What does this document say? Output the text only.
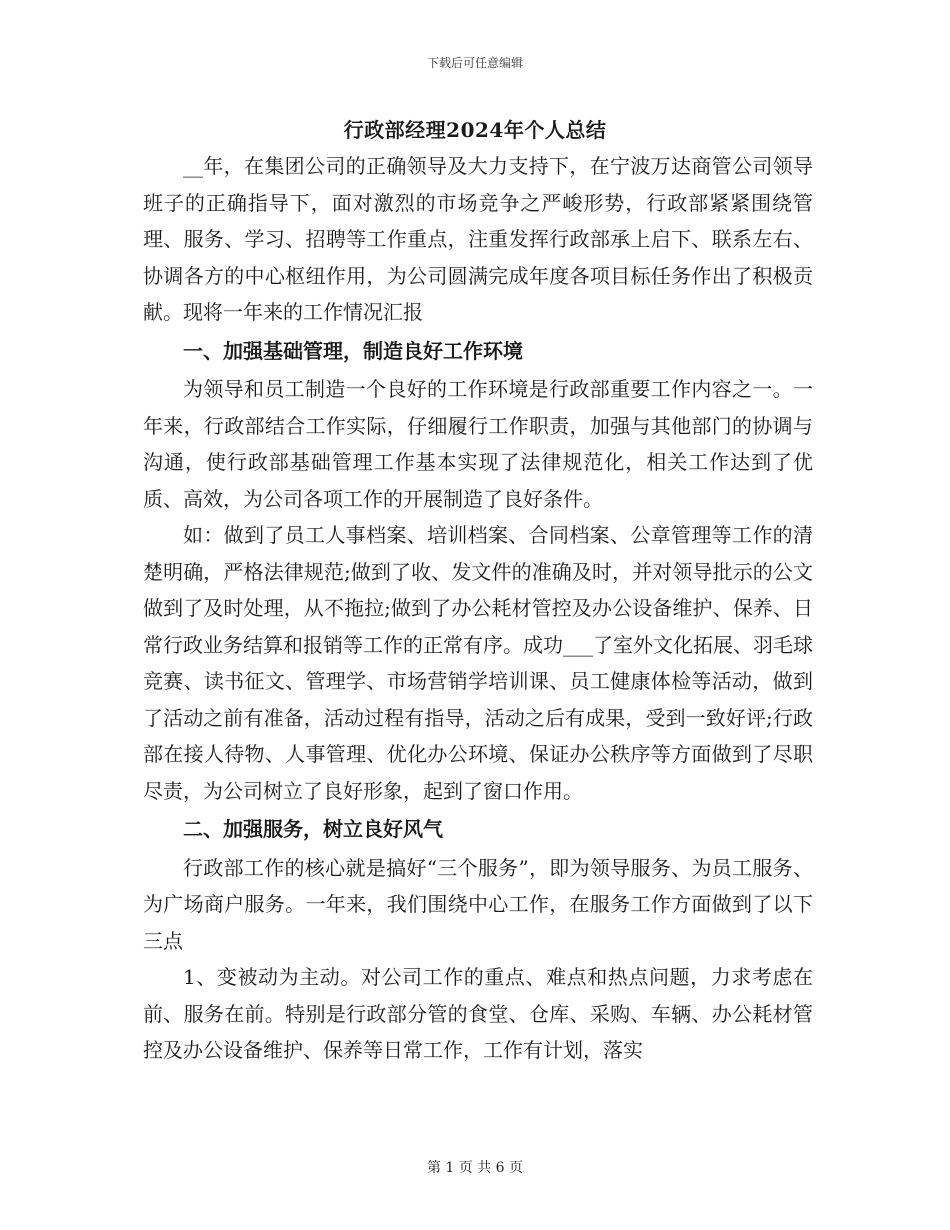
下载后可任意编辑
行政部经理2024年个人总结

__年，在集团公司的正确领导及大力支持下，在宁波万达商管公司领导班子的正确指导下，面对激烈的市场竞争之严峻形势，行政部紧紧围绕管理、服务、学习、招聘等工作重点，注重发挥行政部承上启下、联系左右、协调各方的中心枢纽作用，为公司圆满完成年度各项目标任务作出了积极贡献。现将一年来的工作情况汇报

一、加强基础管理，制造良好工作环境

为领导和员工制造一个良好的工作环境是行政部重要工作内容之一。一年来，行政部结合工作实际，仔细履行工作职责，加强与其他部门的协调与沟通，使行政部基础管理工作基本实现了法律规范化，相关工作达到了优质、高效，为公司各项工作的开展制造了良好条件。

如：做到了员工人事档案、培训档案、合同档案、公章管理等工作的清楚明确，严格法律规范;做到了收、发文件的准确及时，并对领导批示的公文做到了及时处理，从不拖拉;做到了办公耗材管控及办公设备维护、保养、日常行政业务结算和报销等工作的正常有序。成功___了室外文化拓展、羽毛球竞赛、读书征文、管理学、市场营销学培训课、员工健康体检等活动，做到了活动之前有准备，活动过程有指导，活动之后有成果，受到一致好评;行政部在接人待物、人事管理、优化办公环境、保证办公秩序等方面做到了尽职尽责，为公司树立了良好形象，起到了窗口作用。

二、加强服务，树立良好风气

行政部工作的核心就是搞好“三个服务”，即为领导服务、为员工服务、为广场商户服务。一年来，我们围绕中心工作，在服务工作方面做到了以下三点

1、变被动为主动。对公司工作的重点、难点和热点问题，力求考虑在前、服务在前。特别是行政部分管的食堂、仓库、采购、车辆、办公耗材管控及办公设备维护、保养等日常工作，工作有计划，落实

第 1 页 共 6 页
